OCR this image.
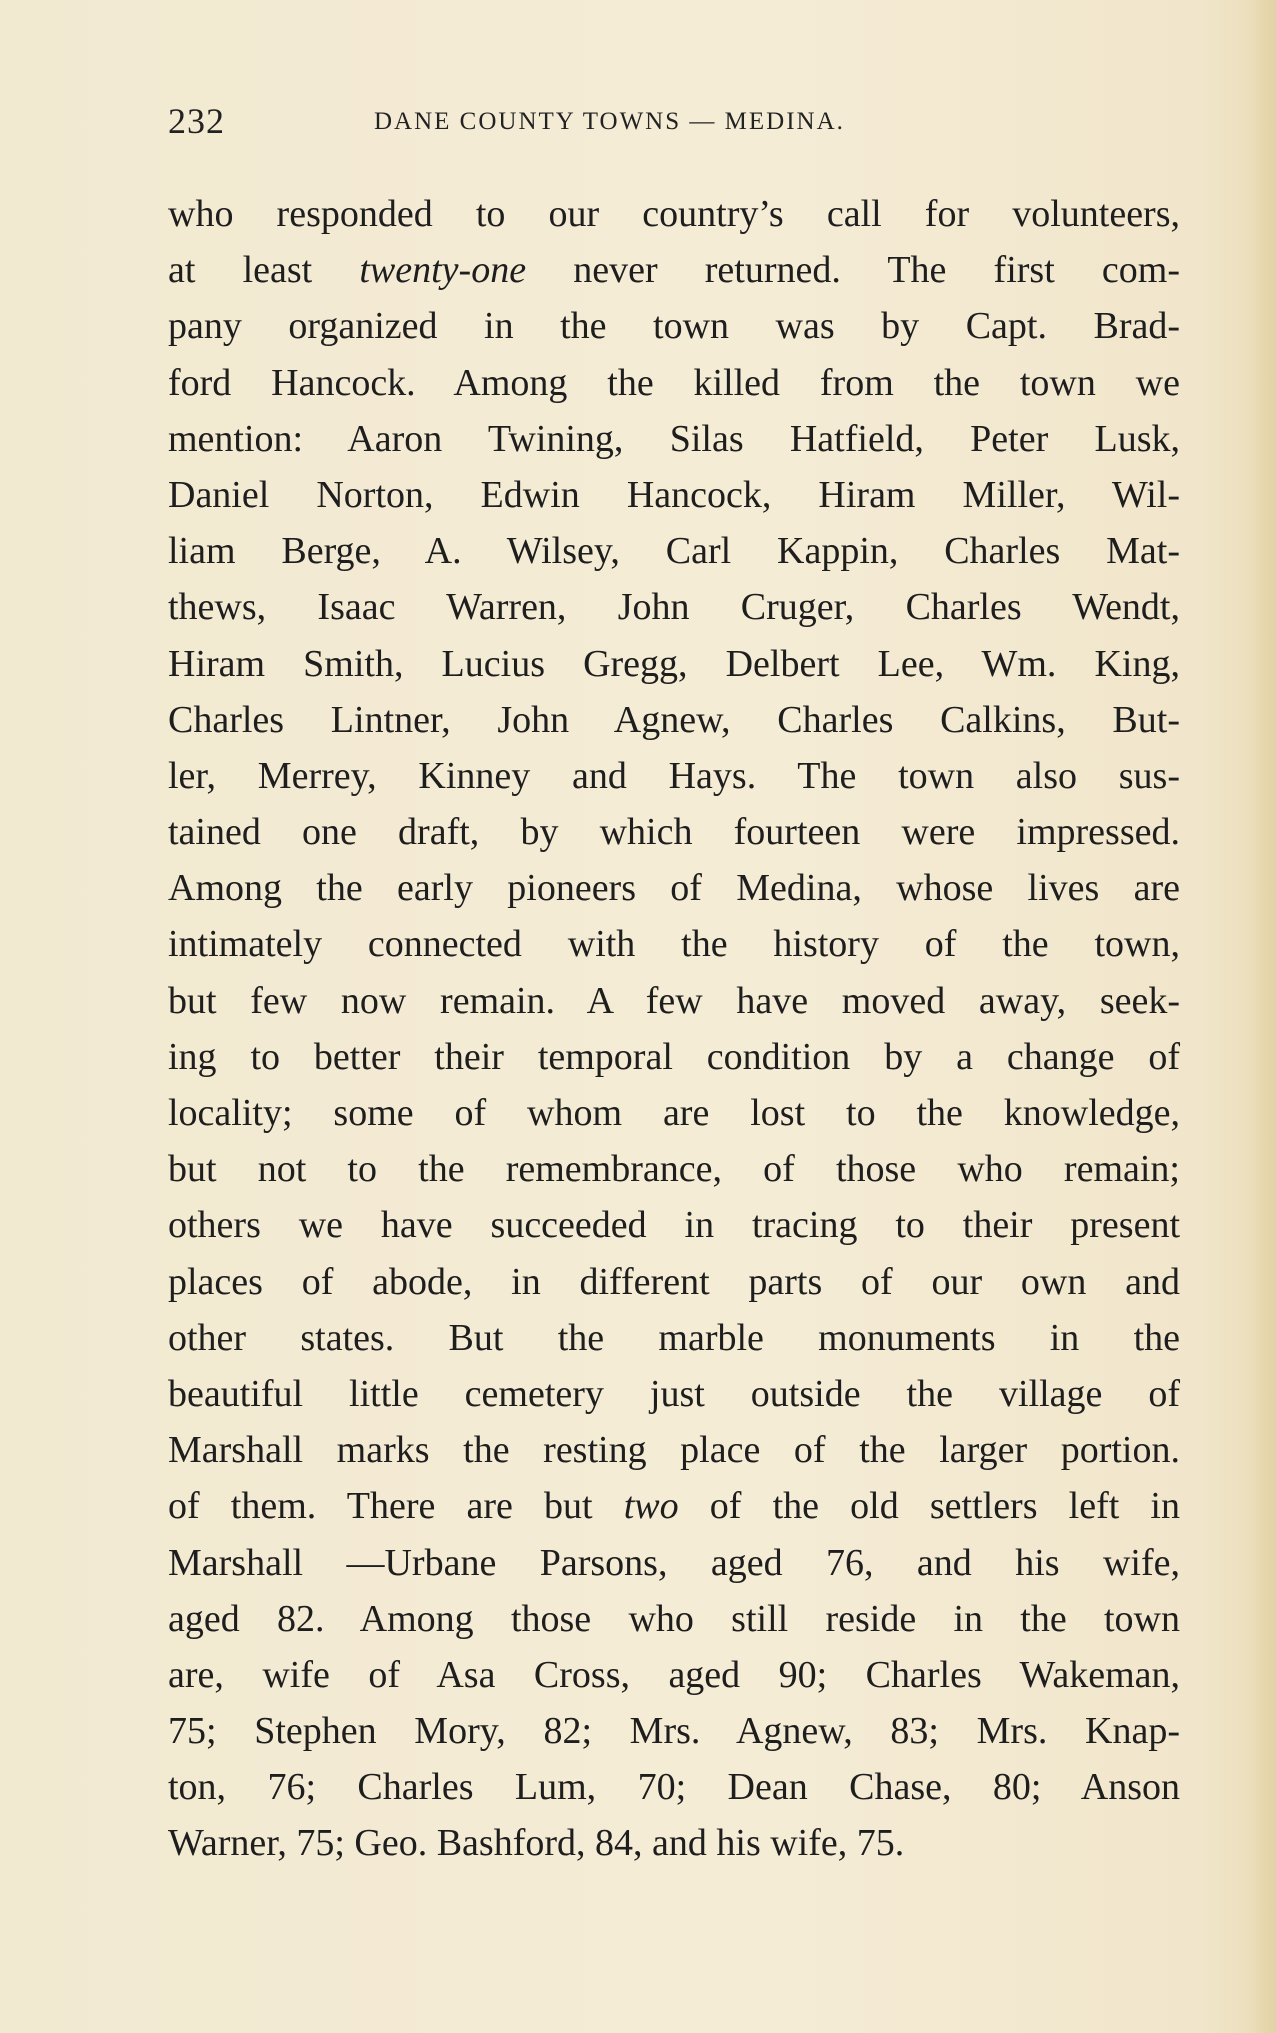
232	DANE COUNTY TOWNS — MEDINA.
who responded to our country’s call for volunteers,
at least twenty-one never returned. The first com-
pany organized in the town was by Capt. Brad-
ford Hancock. Among the killed from the town we
mention: Aaron Twining, Silas Hatfield, Peter Lusk,
Daniel Norton, Edwin Hancock, Hiram Miller, Wil-
liam Berge, A. Wilsey, Carl Kappin, Charles Mat-
thews, Isaac Warren, John Cruger, Charles Wendt,
Hiram Smith, Lucius Gregg, Delbert Lee, Wm. King,
Charles Lintner, John Agnew, Charles Calkins, But-
ler, Merrey, Kinney and Hays. The town also sus-
tained one draft, by which fourteen were impressed.
Among the early pioneers of Medina, whose lives are
intimately connected with the history of the town,
but few now remain. A few have moved away, seek-
ing to better their temporal condition by a change of
locality; some of whom are lost to the knowledge,
but not to the remembrance, of those who remain;
others we have succeeded in tracing to their present
places of abode, in different parts of our own and
other states. But the marble monuments in the
beautiful little cemetery just outside the village of
Marshall marks the resting place of the larger portion.
of them. There are but two of the old settlers left in
Marshall —Urbane Parsons, aged 76, and his wife,
aged 82. Among those who still reside in the town
are, wife of Asa Cross, aged 90; Charles Wakeman,
75; Stephen Mory, 82; Mrs. Agnew, 83; Mrs. Knap-
ton, 76; Charles Lum, 70; Dean Chase, 80; Anson
Warner, 75; Geo. Bashford, 84, and his wife, 75.
